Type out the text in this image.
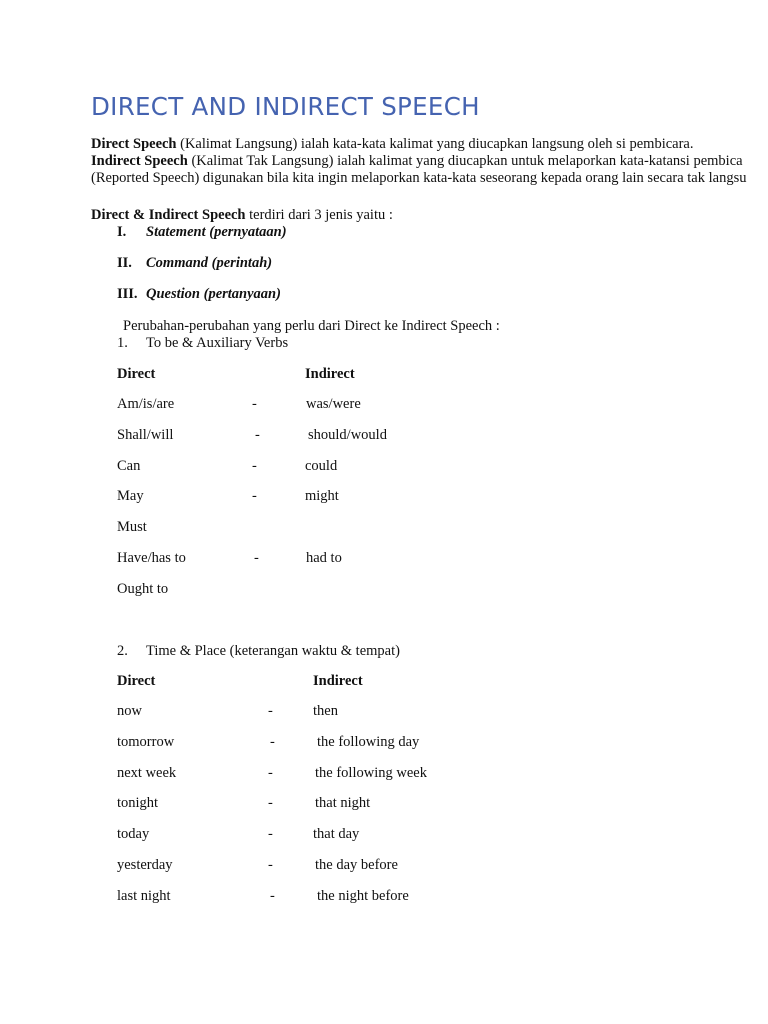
DIRECT AND INDIRECT SPEECH
Direct Speech (Kalimat Langsung) ialah kata-kata kalimat yang diucapkan langsung oleh si pembicara.
Indirect Speech (Kalimat Tak Langsung) ialah kalimat yang diucapkan untuk melaporkan kata-katansi pembica
(Reported Speech) digunakan bila kita ingin melaporkan kata-kata seseorang kepada orang lain secara tak langsu
Direct & Indirect Speech terdiri dari 3 jenis yaitu :
I. Statement (pernyataan)
II. Command (perintah)
III. Question (pertanyaan)
Perubahan-perubahan yang perlu dari Direct ke Indirect Speech :
1. To be & Auxiliary Verbs
Direct	Indirect
Am/is/are	-	was/were
Shall/will	-	should/would
Can	-	could
May	-	might
Must
Have/has to	-	had to
Ought to
2. Time & Place (keterangan waktu & tempat)
Direct	Indirect
now	-	then
tomorrow	-	the following day
next week	-	the following week
tonight	-	that night
today	-	that day
yesterday	-	the day before
last night	-	the night before
